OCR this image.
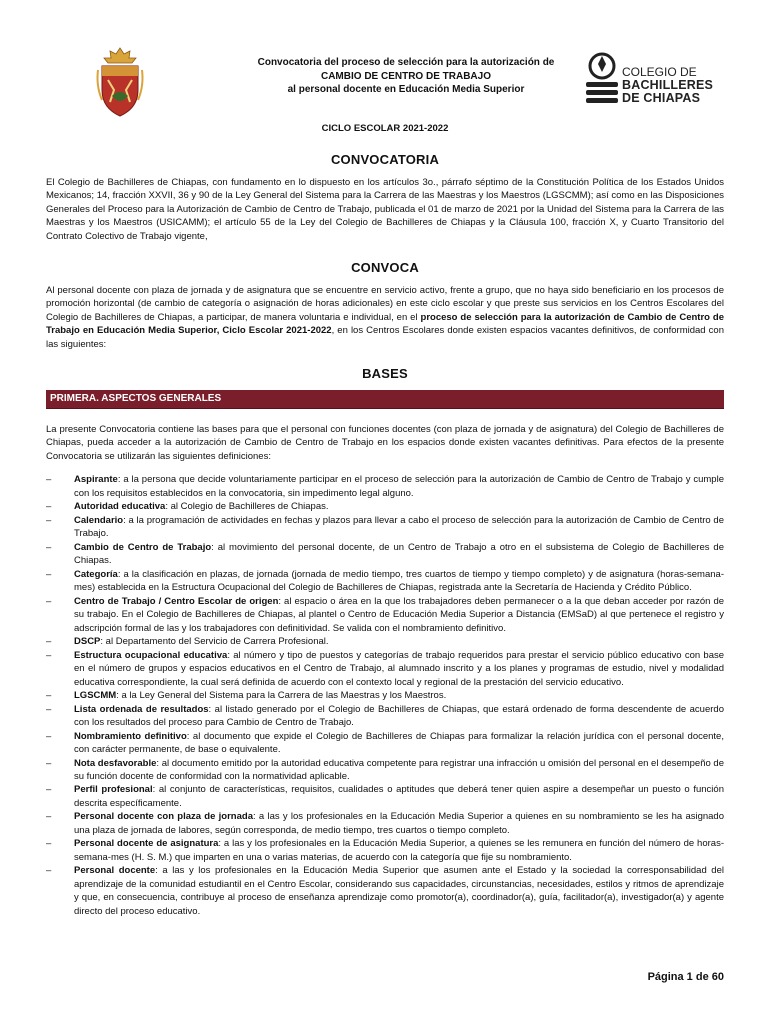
Convocatoria del proceso de selección para la autorización de
CAMBIO DE CENTRO DE TRABAJO
al personal docente en Educación Media Superior
COLEGIO DE
BACHILLERES
DE CHIAPAS
CICLO ESCOLAR 2021-2022
CONVOCATORIA

El Colegio de Bachilleres de Chiapas, con fundamento en lo dispuesto en los artículos 3o., párrafo séptimo de la Constitución Política de los Estados Unidos Mexicanos; 14, fracción XXVII, 36 y 90 de la Ley General del Sistema para la Carrera de las Maestras y los Maestros (LGSCMM); así como en las Disposiciones Generales del Proceso para la Autorización de Cambio de Centro de Trabajo, publicada el 01 de marzo de 2021 por la Unidad del Sistema para la Carrera de las Maestras y los Maestros (USICAMM); el artículo 55 de la Ley del Colegio de Bachilleres de Chiapas y la Cláusula 100, fracción X, y Cuarto Transitorio del Contrato Colectivo de Trabajo vigente,

CONVOCA

Al personal docente con plaza de jornada y de asignatura que se encuentre en servicio activo, frente a grupo, que no haya sido beneficiario en los procesos de promoción horizontal (de cambio de categoría o asignación de horas adicionales) en este ciclo escolar y que preste sus servicios en los Centros Escolares del Colegio de Bachilleres de Chiapas, a participar, de manera voluntaria e individual, en el proceso de selección para la autorización de Cambio de Centro de Trabajo en Educación Media Superior, Ciclo Escolar 2021-2022, en los Centros Escolares donde existen espacios vacantes definitivos, de conformidad con las siguientes:

BASES
PRIMERA. ASPECTOS GENERALES

La presente Convocatoria contiene las bases para que el personal con funciones docentes (con plaza de jornada y de asignatura) del Colegio de Bachilleres de Chiapas, pueda acceder a la autorización de Cambio de Centro de Trabajo en los espacios donde existen vacantes definitivas. Para efectos de la presente Convocatoria se utilizarán las siguientes definiciones:

– Aspirante: a la persona que decide voluntariamente participar en el proceso de selección para la autorización de Cambio de Centro de Trabajo y cumple con los requisitos establecidos en la convocatoria, sin impedimento legal alguno.
– Autoridad educativa: al Colegio de Bachilleres de Chiapas.
– Calendario: a la programación de actividades en fechas y plazos para llevar a cabo el proceso de selección para la autorización de Cambio de Centro de Trabajo.
– Cambio de Centro de Trabajo: al movimiento del personal docente, de un Centro de Trabajo a otro en el subsistema de Colegio de Bachilleres de Chiapas.
– Categoría: a la clasificación en plazas, de jornada (jornada de medio tiempo, tres cuartos de tiempo y tiempo completo) y de asignatura (horas-semana-mes) establecida en la Estructura Ocupacional del Colegio de Bachilleres de Chiapas, registrada ante la Secretaría de Hacienda y Crédito Público.
– Centro de Trabajo / Centro Escolar de origen: al espacio o área en la que los trabajadores deben permanecer o a la que deban acceder por razón de su trabajo. En el Colegio de Bachilleres de Chiapas, al plantel o Centro de Educación Media Superior a Distancia (EMSaD) al que pertenece el registro y adscripción formal de las y los trabajadores con definitividad. Se valida con el nombramiento definitivo.
– DSCP: al Departamento del Servicio de Carrera Profesional.
– Estructura ocupacional educativa: al número y tipo de puestos y categorías de trabajo requeridos para prestar el servicio público educativo con base en el número de grupos y espacios educativos en el Centro de Trabajo, al alumnado inscrito y a los planes y programas de estudio, nivel y modalidad educativa correspondiente, la cual será definida de acuerdo con el contexto local y regional de la prestación del servicio educativo.
– LGSCMM: a la Ley General del Sistema para la Carrera de las Maestras y los Maestros.
– Lista ordenada de resultados: al listado generado por el Colegio de Bachilleres de Chiapas, que estará ordenado de forma descendente de acuerdo con los resultados del proceso para Cambio de Centro de Trabajo.
– Nombramiento definitivo: al documento que expide el Colegio de Bachilleres de Chiapas para formalizar la relación jurídica con el personal docente, con carácter permanente, de base o equivalente.
– Nota desfavorable: al documento emitido por la autoridad educativa competente para registrar una infracción u omisión del personal en el desempeño de su función docente de conformidad con la normatividad aplicable.
– Perfil profesional: al conjunto de características, requisitos, cualidades o aptitudes que deberá tener quien aspire a desempeñar un puesto o función descrita específicamente.
– Personal docente con plaza de jornada: a las y los profesionales en la Educación Media Superior a quienes en su nombramiento se les ha asignado una plaza de jornada de labores, según corresponda, de medio tiempo, tres cuartos o tiempo completo.
– Personal docente de asignatura: a las y los profesionales en la Educación Media Superior, a quienes se les remunera en función del número de horas-semana-mes (H. S. M.) que imparten en una o varias materias, de acuerdo con la categoría que fije su nombramiento.
– Personal docente: a las y los profesionales en la Educación Media Superior que asumen ante el Estado y la sociedad la corresponsabilidad del aprendizaje de la comunidad estudiantil en el Centro Escolar, considerando sus capacidades, circunstancias, necesidades, estilos y ritmos de aprendizaje y que, en consecuencia, contribuye al proceso de enseñanza aprendizaje como promotor(a), coordinador(a), guía, facilitador(a), investigador(a) y agente directo del proceso educativo.
Página 1 de 60
